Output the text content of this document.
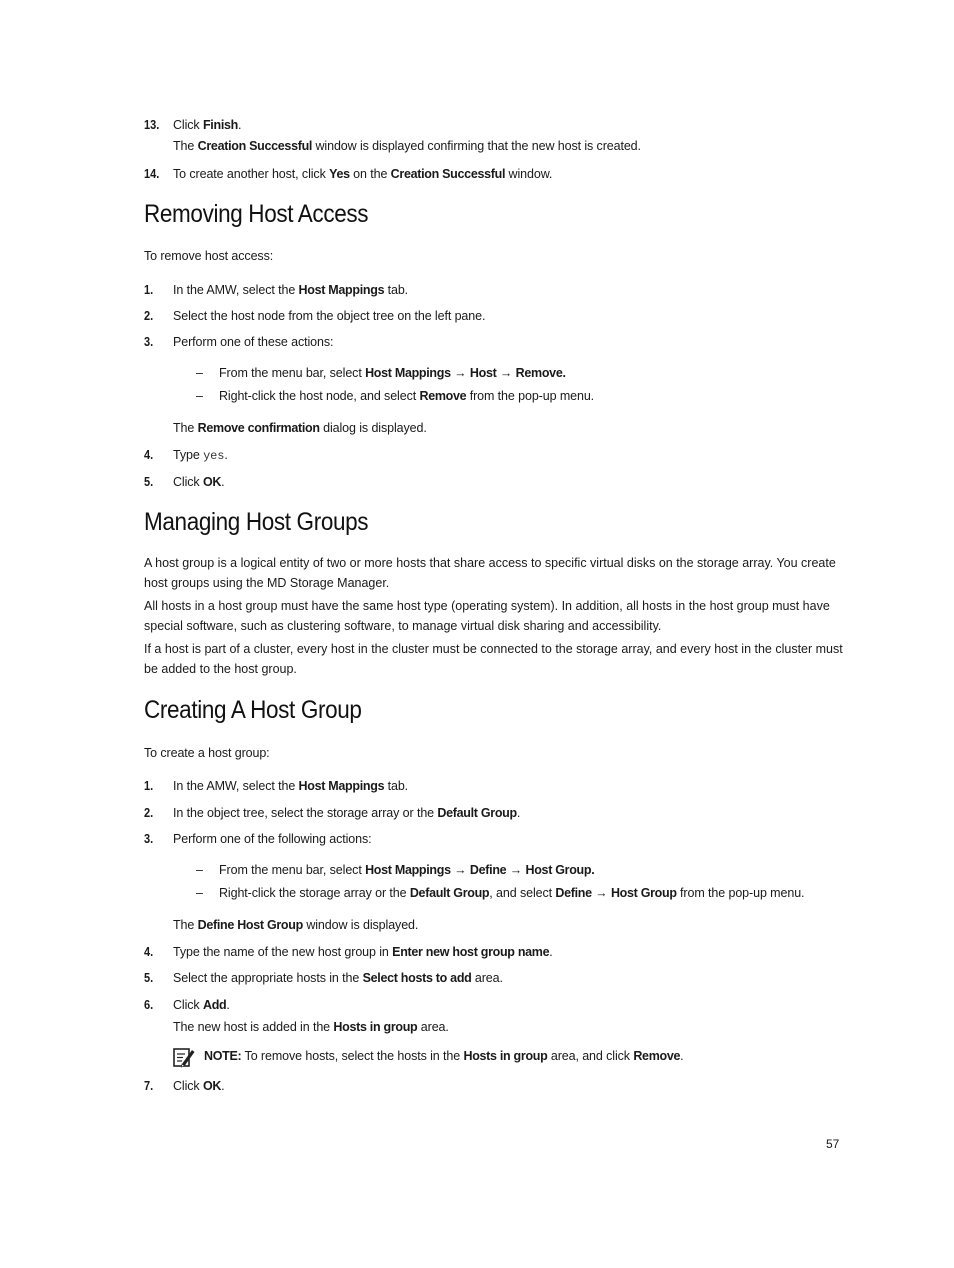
13. Click Finish.
The Creation Successful window is displayed confirming that the new host is created.
14. To create another host, click Yes on the Creation Successful window.
Removing Host Access
To remove host access:
1. In the AMW, select the Host Mappings tab.
2. Select the host node from the object tree on the left pane.
3. Perform one of these actions:
– From the menu bar, select Host Mappings → Host → Remove.
– Right-click the host node, and select Remove from the pop-up menu.
The Remove confirmation dialog is displayed.
4. Type yes.
5. Click OK.
Managing Host Groups
A host group is a logical entity of two or more hosts that share access to specific virtual disks on the storage array. You create host groups using the MD Storage Manager.
All hosts in a host group must have the same host type (operating system). In addition, all hosts in the host group must have special software, such as clustering software, to manage virtual disk sharing and accessibility.
If a host is part of a cluster, every host in the cluster must be connected to the storage array, and every host in the cluster must be added to the host group.
Creating A Host Group
To create a host group:
1. In the AMW, select the Host Mappings tab.
2. In the object tree, select the storage array or the Default Group.
3. Perform one of the following actions:
– From the menu bar, select Host Mappings → Define → Host Group.
– Right-click the storage array or the Default Group, and select Define → Host Group from the pop-up menu.
The Define Host Group window is displayed.
4. Type the name of the new host group in Enter new host group name.
5. Select the appropriate hosts in the Select hosts to add area.
6. Click Add.
The new host is added in the Hosts in group area.
NOTE: To remove hosts, select the hosts in the Hosts in group area, and click Remove.
7. Click OK.
57
